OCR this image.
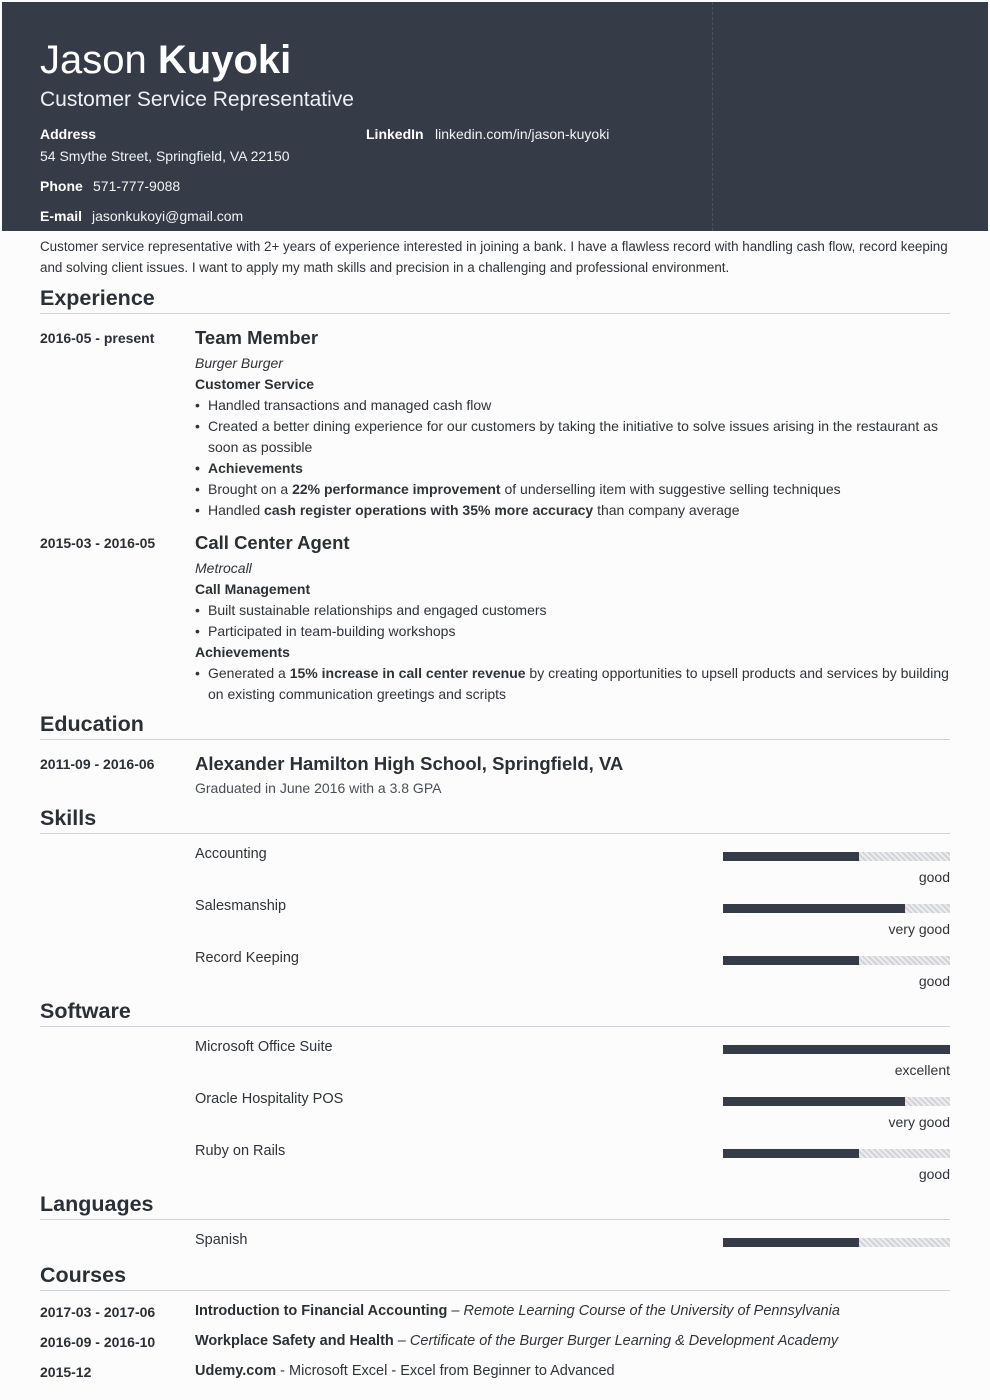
Jason Kuyoki
Customer Service Representative
Address
54 Smythe Street, Springfield, VA 22150
LinkedIn linkedin.com/in/jason-kuyoki
Phone 571-777-9088
E-mail jasonkukoyi@gmail.com
Customer service representative with 2+ years of experience interested in joining a bank. I have a flawless record with handling cash flow, record keeping and solving client issues. I want to apply my math skills and precision in a challenging and professional environment.
Experience
2016-05 - present Team Member
Burger Burger
Customer Service
• Handled transactions and managed cash flow
• Created a better dining experience for our customers by taking the initiative to solve issues arising in the restaurant as soon as possible
• Achievements
• Brought on a 22% performance improvement of underselling item with suggestive selling techniques
• Handled cash register operations with 35% more accuracy than company average
2015-03 - 2016-05 Call Center Agent
Metrocall
Call Management
• Built sustainable relationships and engaged customers
• Participated in team-building workshops
Achievements
• Generated a 15% increase in call center revenue by creating opportunities to upsell products and services by building on existing communication greetings and scripts
Education
2011-09 - 2016-06 Alexander Hamilton High School, Springfield, VA
Graduated in June 2016 with a 3.8 GPA
Skills
Accounting
good
Salesmanship
very good
Record Keeping
good
Software
Microsoft Office Suite
excellent
Oracle Hospitality POS
very good
Ruby on Rails
good
Languages
Spanish
Courses
2017-03 - 2017-06	Introduction to Financial Accounting – Remote Learning Course of the University of Pennsylvania
2016-09 - 2016-10	Workplace Safety and Health – Certificate of the Burger Burger Learning & Development Academy
2015-12	Udemy.com - Microsoft Excel - Excel from Beginner to Advanced
